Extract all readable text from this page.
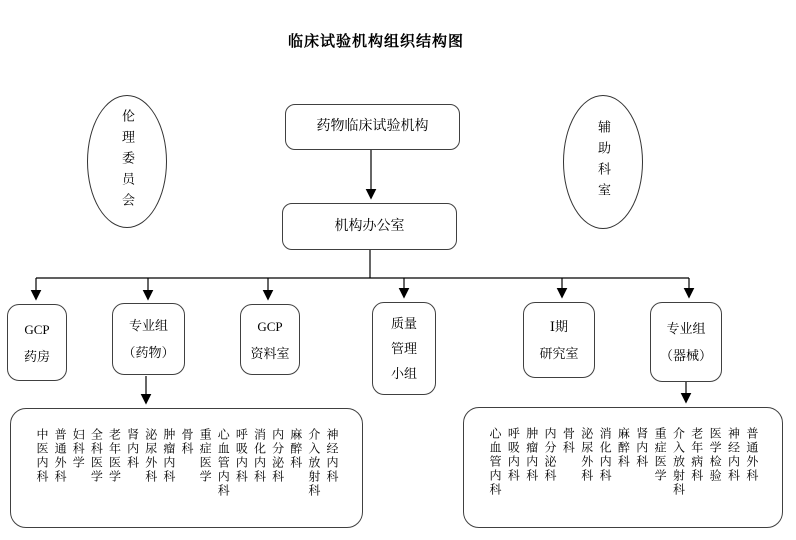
临床试验机构组织结构图
伦理委员会	辅助科室
药物临床试验机构
机构办公室
GCP
药房
专业组
（药物）
GCP
资料室
质量
管理
小组
Ⅰ期
研究室
专业组
（器械）
中医内科 普通外科 妇科学 全科医学 老年医学 肾内科 泌尿外科 肿瘤内科 骨科 重症医学 心血管内科 呼吸内科 消化内科 内分泌科 麻醉科 介入放射科 神经内科	心血管内科 呼吸内科 肿瘤内科 内分泌科 骨科 泌尿外科 消化内科 麻醉科 肾内科 重症医学 介入放射科 老年病科 医学检验 神经内科 普通外科
